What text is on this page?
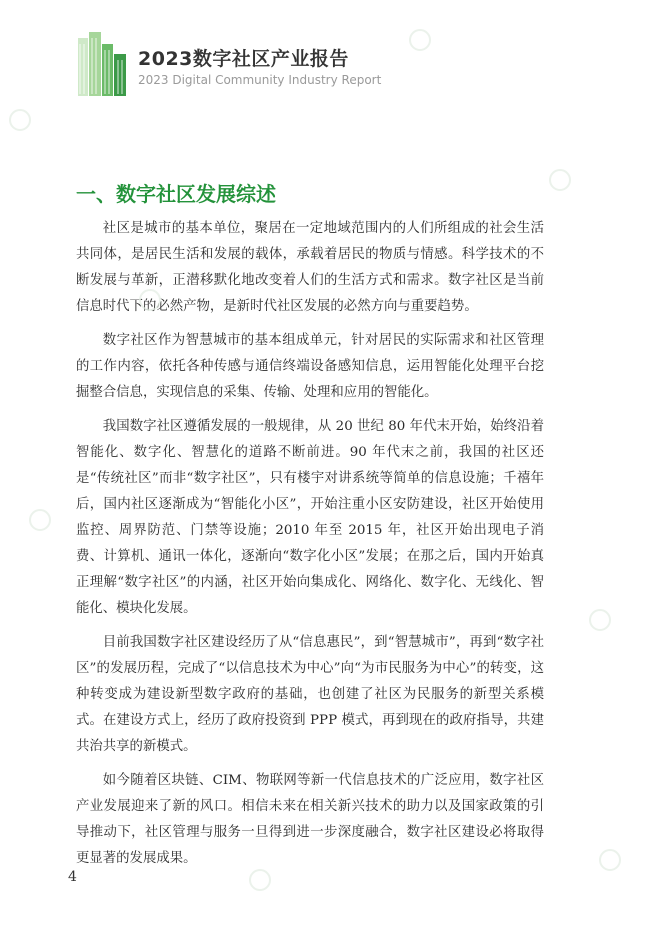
2023数字社区产业报告
2023 Digital Community Industry Report
一、数字社区发展综述

社区是城市的基本单位，聚居在一定地域范围内的人们所组成的社会生活共同体，是居民生活和发展的载体，承载着居民的物质与情感。科学技术的不断发展与革新，正潜移默化地改变着人们的生活方式和需求。数字社区是当前信息时代下的必然产物，是新时代社区发展的必然方向与重要趋势。

数字社区作为智慧城市的基本组成单元，针对居民的实际需求和社区管理的工作内容，依托各种传感与通信终端设备感知信息，运用智能化处理平台挖掘整合信息，实现信息的采集、传输、处理和应用的智能化。

我国数字社区遵循发展的一般规律，从 20 世纪 80 年代末开始，始终沿着智能化、数字化、智慧化的道路不断前进。90 年代末之前，我国的社区还是“传统社区”而非“数字社区”，只有楼宇对讲系统等简单的信息设施；千禧年后，国内社区逐渐成为“智能化小区”，开始注重小区安防建设，社区开始使用监控、周界防范、门禁等设施；2010 年至 2015 年，社区开始出现电子消费、计算机、通讯一体化，逐渐向“数字化小区”发展；在那之后，国内开始真正理解“数字社区”的内涵，社区开始向集成化、网络化、数字化、无线化、智能化、模块化发展。

目前我国数字社区建设经历了从“信息惠民”，到“智慧城市”，再到“数字社区”的发展历程，完成了“以信息技术为中心”向“为市民服务为中心”的转变，这种转变成为建设新型数字政府的基础，也创建了社区为民服务的新型关系模式。在建设方式上，经历了政府投资到 PPP 模式，再到现在的政府指导，共建共治共享的新模式。

如今随着区块链、CIM、物联网等新一代信息技术的广泛应用，数字社区产业发展迎来了新的风口。相信未来在相关新兴技术的助力以及国家政策的引导推动下，社区管理与服务一旦得到进一步深度融合，数字社区建设必将取得更显著的发展成果。

4
